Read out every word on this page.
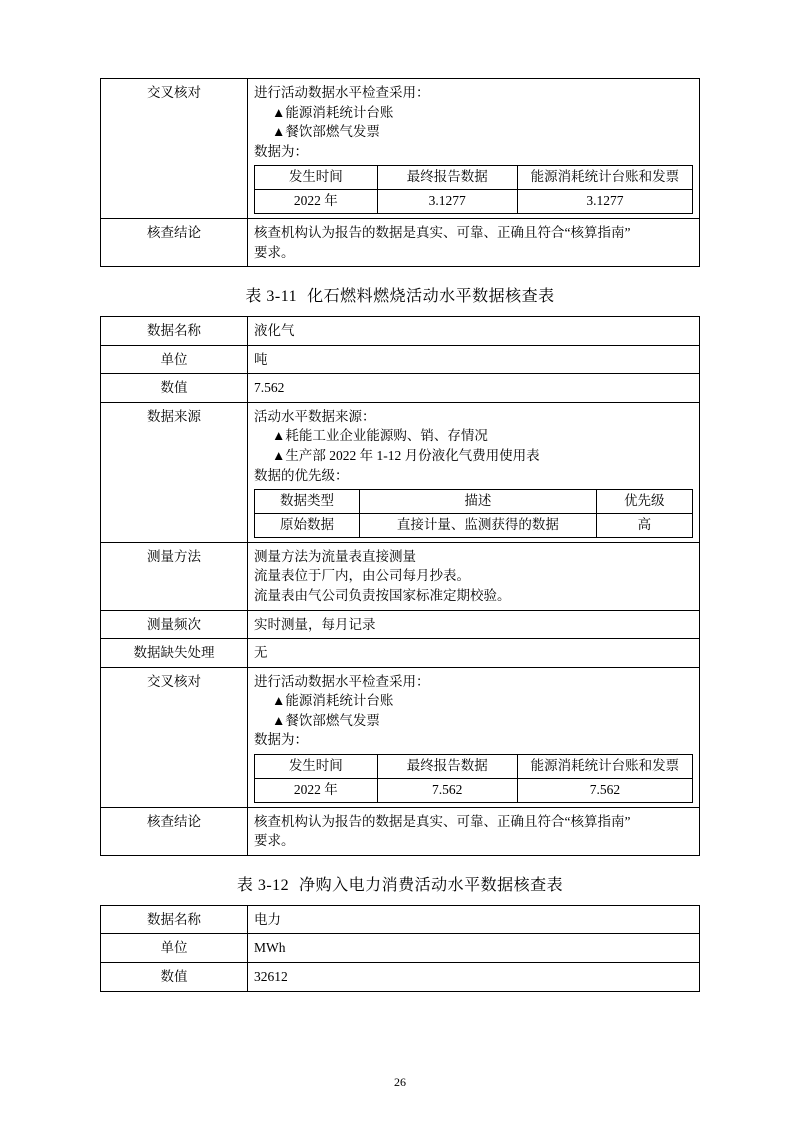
交叉核对	进行活动数据水平检查采用：
▲能源消耗统计台账
▲餐饮部燃气发票
数据为：
发生时间	最终报告数据	能源消耗统计台账和发票
2022 年	3.1277	3.1277

核查结论	核查机构认为报告的数据是真实、可靠、正确且符合“核算指南”
要求。
表 3-11 化石燃料燃烧活动水平数据核查表
数据名称	液化气
单位	吨
数值	7.562
数据来源	活动水平数据来源：
▲耗能工业企业能源购、销、存情况
▲生产部 2022 年 1-12 月份液化气费用使用表
数据的优先级：
数据类型	描述	优先级
原始数据	直接计量、监测获得的数据	高

测量方法	测量方法为流量表直接测量
流量表位于厂内，由公司每月抄表。
流量表由气公司负责按国家标准定期校验。

测量频次	实时测量，每月记录
数据缺失处理	无
交叉核对	进行活动数据水平检查采用：
▲能源消耗统计台账
▲餐饮部燃气发票
数据为：
发生时间	最终报告数据	能源消耗统计台账和发票
2022 年	7.562	7.562

核查结论	核查机构认为报告的数据是真实、可靠、正确且符合“核算指南”
要求。
表 3-12 净购入电力消费活动水平数据核查表
数据名称	电力
单位	MWh
数值	32612
26
